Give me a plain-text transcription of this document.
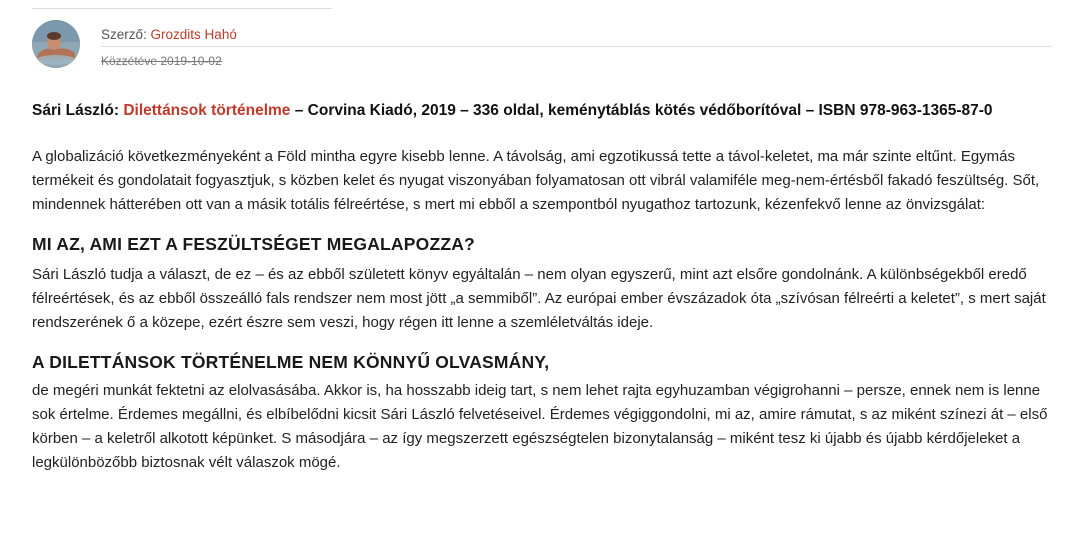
Szerző: Grozdits Hahó
Közzétéve 2019-10-02

Sári László: Dilettánsok történelme – Corvina Kiadó, 2019 – 336 oldal, keménytáblás kötés védőborítóval – ISBN 978-963-1365-87-0

A globalizáció következményeként a Föld mintha egyre kisebb lenne. A távolság, ami egzotikussá tette a távol-keletet, ma már szinte eltűnt. Egymás termékeit és gondolatait fogyasztjuk, s közben kelet és nyugat viszonyában folyamatosan ott vibrál valamiféle meg-nem-értésből fakadó feszültség. Sőt, mindennek hátterében ott van a másik totális félreértése, s mert mi ebből a szempontból nyugathoz tartozunk, kézenfekvő lenne az önvizsgálat:

MI AZ, AMI EZT A FESZÜLTSÉGET MEGALAPOZZA?

Sári László tudja a választ, de ez – és az ebből született könyv egyáltalán – nem olyan egyszerű, mint azt elsőre gondolnánk. A különbségekből eredő félreértések, és az ebből összeálló fals rendszer nem most jött „a semmiből”. Az európai ember évszázadok óta „szívósan félreérti a keletet”, s mert saját rendszerének ő a közepe, ezért észre sem veszi, hogy régen itt lenne a szemléletváltás ideje.

A DILETTÁNSOK TÖRTÉNELME NEM KÖNNYŰ OLVASMÁNY,

de megéri munkát fektetni az elolvasásába. Akkor is, ha hosszabb ideig tart, s nem lehet rajta egyhuzamban végigrohanni – persze, ennek nem is lenne sok értelme. Érdemes megállni, és elbíbelődni kicsit Sári László felvetéseivel. Érdemes végiggondolni, mi az, amire rámutat, s az miként színezi át – első körben – a keletről alkotott képünket. S másodjára – az így megszerzett egészségtelen bizonytalanság – miként tesz ki újabb és újabb kérdőjeleket a legkülönbözőbb biztosnak vélt válaszok mögé.
